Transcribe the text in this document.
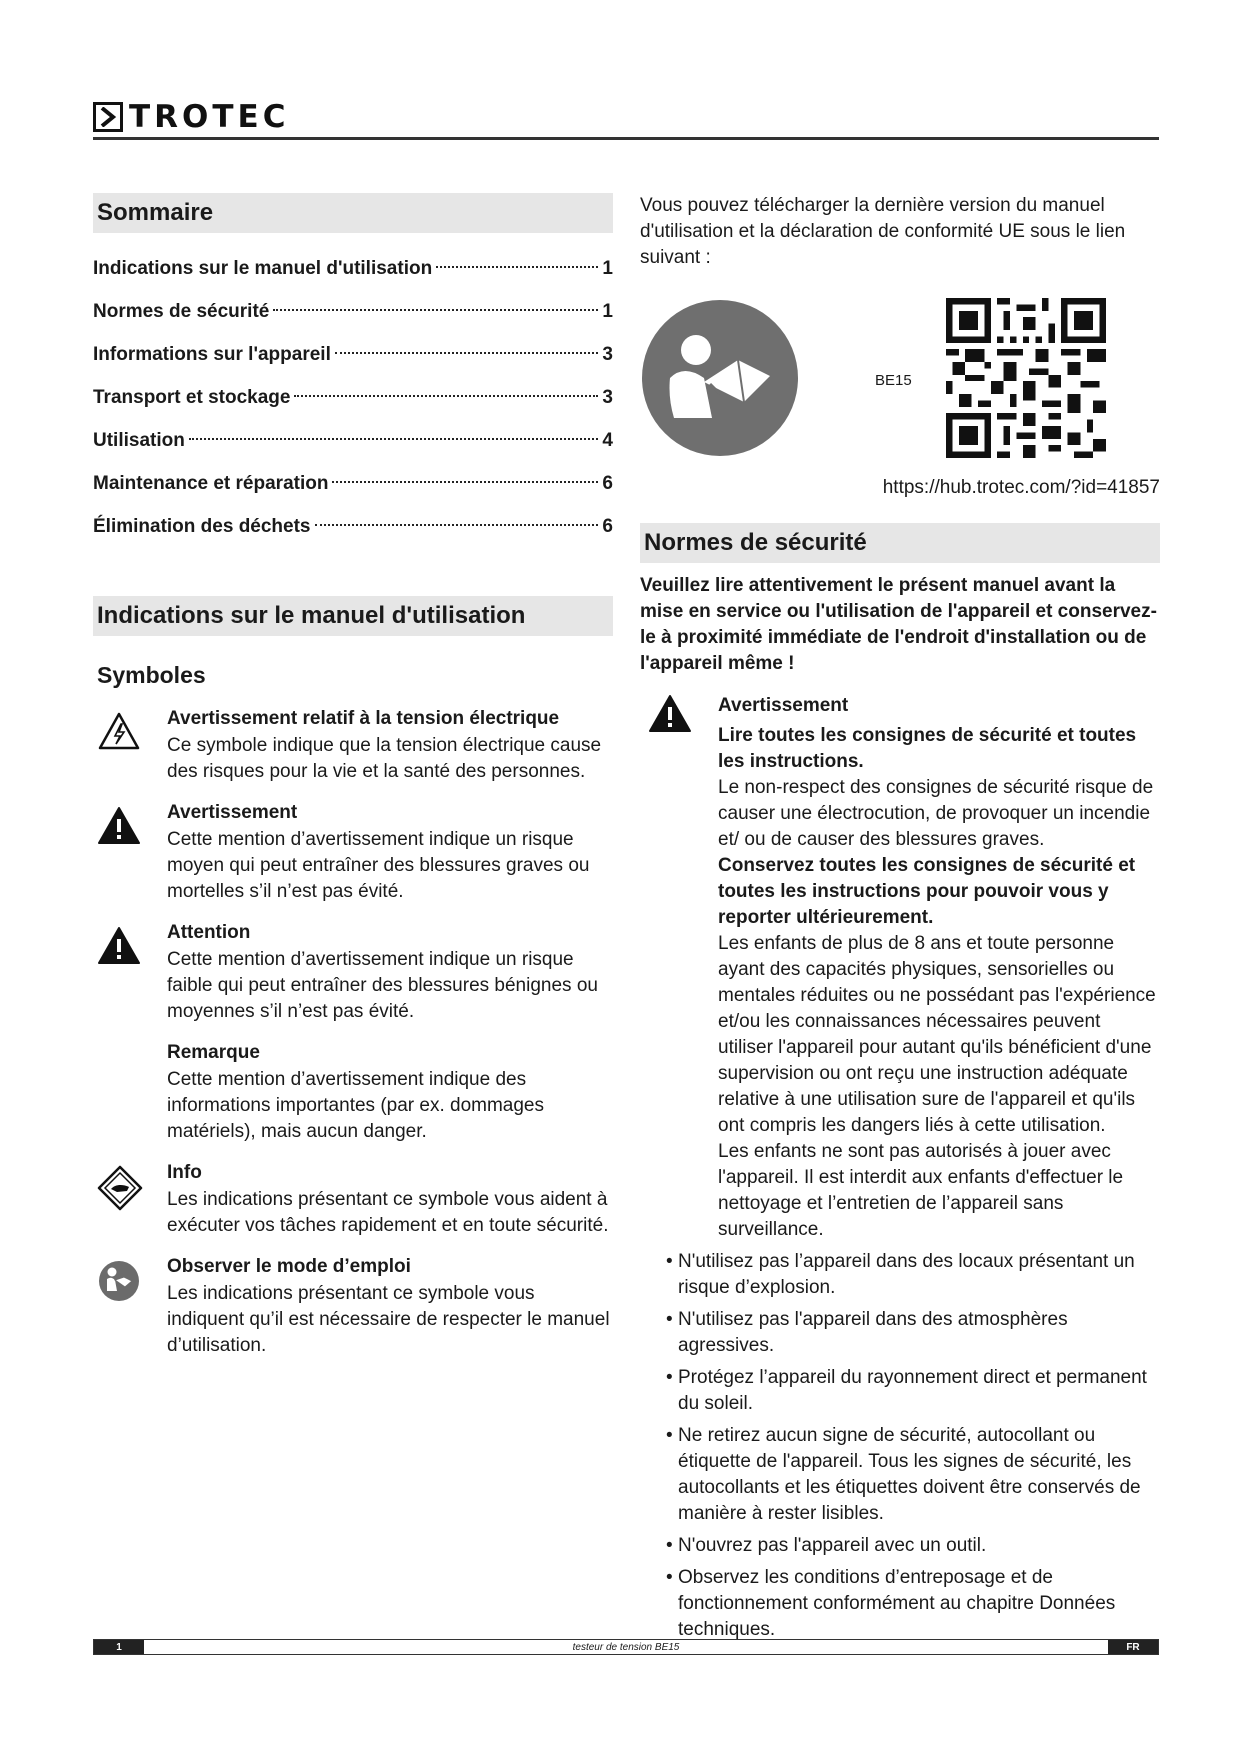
TROTEC
Sommaire
Indications sur le manuel d'utilisation	1
Normes de sécurité	1
Informations sur l'appareil	3
Transport et stockage	3
Utilisation	4
Maintenance et réparation	6
Élimination des déchets	6
Indications sur le manuel d'utilisation
Symboles
Avertissement relatif à la tension électrique
Ce symbole indique que la tension électrique cause des risques pour la vie et la santé des personnes.
Avertissement
Cette mention d’avertissement indique un risque moyen qui peut entraîner des blessures graves ou mortelles s’il n’est pas évité.
Attention
Cette mention d’avertissement indique un risque faible qui peut entraîner des blessures bénignes ou moyennes s’il n’est pas évité.
Remarque
Cette mention d’avertissement indique des informations importantes (par ex. dommages matériels), mais aucun danger.
Info
Les indications présentant ce symbole vous aident à exécuter vos tâches rapidement et en toute sécurité.
Observer le mode d’emploi
Les indications présentant ce symbole vous indiquent qu’il est nécessaire de respecter le manuel d’utilisation.

Vous pouvez télécharger la dernière version du manuel d'utilisation et la déclaration de conformité UE sous le lien suivant :

BE15
https://hub.trotec.com/?id=41857
Normes de sécurité

Veuillez lire attentivement le présent manuel avant la mise en service ou l'utilisation de l'appareil et conservez-le à proximité immédiate de l'endroit d'installation ou de l'appareil même !

Avertissement
Lire toutes les consignes de sécurité et toutes les instructions.
Le non-respect des consignes de sécurité risque de causer une électrocution, de provoquer un incendie et/ ou de causer des blessures graves.
Conservez toutes les consignes de sécurité et toutes les instructions pour pouvoir vous y reporter ultérieurement.
Les enfants de plus de 8 ans et toute personne ayant des capacités physiques, sensorielles ou mentales réduites ou ne possédant pas l'expérience et/ou les connaissances nécessaires peuvent utiliser l'appareil pour autant qu'ils bénéficient d'une supervision ou ont reçu une instruction adéquate relative à une utilisation sure de l'appareil et qu'ils ont compris les dangers liés à cette utilisation.
Les enfants ne sont pas autorisés à jouer avec l'appareil. Il est interdit aux enfants d'effectuer le nettoyage et l’entretien de l’appareil sans surveillance.
• N'utilisez pas l’appareil dans des locaux présentant un risque d’explosion.
• N'utilisez pas l'appareil dans des atmosphères agressives.
• Protégez l’appareil du rayonnement direct et permanent du soleil.
• Ne retirez aucun signe de sécurité, autocollant ou étiquette de l'appareil. Tous les signes de sécurité, les autocollants et les étiquettes doivent être conservés de manière à rester lisibles.
• N'ouvrez pas l'appareil avec un outil.
• Observez les conditions d’entreposage et de fonctionnement conformément au chapitre Données techniques.
1	testeur de tension BE15	FR
